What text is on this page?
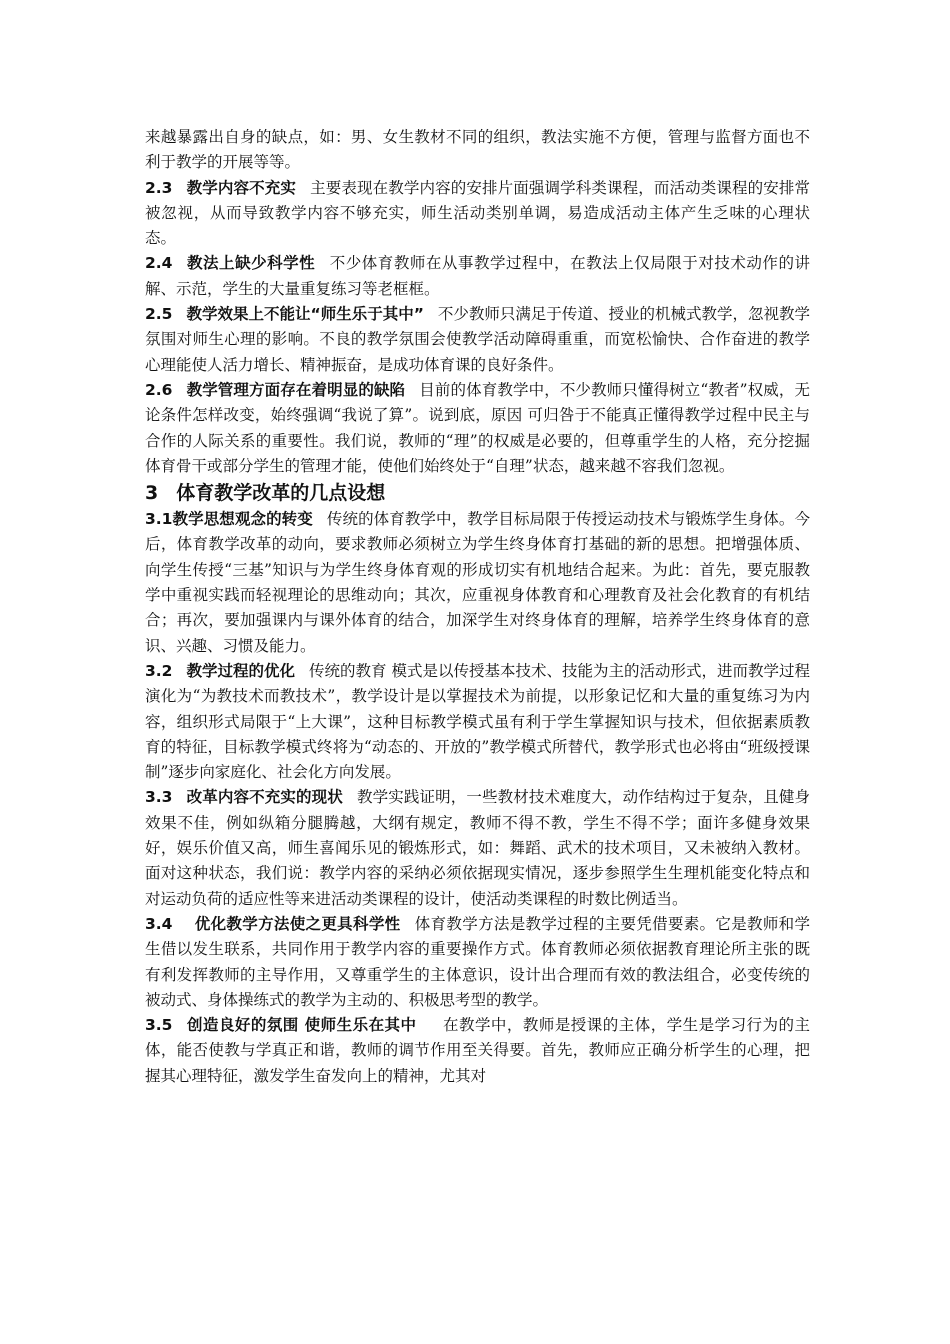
来越暴露出自身的缺点，如：男、女生教材不同的组织，教法实施不方便，管理与监督方面也不利于教学的开展等等。

2.3 教学内容不充实 主要表现在教学内容的安排片面强调学科类课程，而活动类课程的安排常被忽视，从而导致教学内容不够充实，师生活动类别单调，易造成活动主体产生乏味的心理状态。

2.4 教法上缺少科学性 不少体育教师在从事教学过程中，在教法上仅局限于对技术动作的讲解、示范，学生的大量重复练习等老框框。

2.5 教学效果上不能让“师生乐于其中” 不少教师只满足于传道、授业的机械式教学，忽视教学氛围对师生心理的影响。不良的教学氛围会使教学活动障碍重重，而宽松愉快、合作奋进的教学心理能使人活力增长、精神振奋，是成功体育课的良好条件。

2.6 教学管理方面存在着明显的缺陷 目前的体育教学中，不少教师只懂得树立“教者”权威，无论条件怎样改变，始终强调“我说了算”。说到底，原因 可归咎于不能真正懂得教学过程中民主与合作的人际关系的重要性。我们说，教师的“理”的权威是必要的，但尊重学生的人格，充分挖掘体育骨干或部分学生的管理才能，使他们始终处于“自理”状态，越来越不容我们忽视。

3 体育教学改革的几点设想

3.1教学思想观念的转变 传统的体育教学中，教学目标局限于传授运动技术与锻炼学生身体。今后，体育教学改革的动向，要求教师必须树立为学生终身体育打基础的新的思想。把增强体质、向学生传授“三基”知识与为学生终身体育观的形成切实有机地结合起来。为此：首先，要克服教学中重视实践而轻视理论的思维动向；其次，应重视身体教育和心理教育及社会化教育的有机结合；再次，要加强课内与课外体育的结合，加深学生对终身体育的理解，培养学生终身体育的意识、兴趣、习惯及能力。

3.2 教学过程的优化 传统的教育 模式是以传授基本技术、技能为主的活动形式，进而教学过程演化为“为教技术而教技术”，教学设计是以掌握技术为前提，以形象记忆和大量的重复练习为内容，组织形式局限于“上大课”，这种目标教学模式虽有利于学生掌握知识与技术，但依据素质教育的特征，目标教学模式终将为“动态的、开放的”教学模式所替代，教学形式也必将由“班级授课制”逐步向家庭化、社会化方向发展。

3.3 改革内容不充实的现状 教学实践证明，一些教材技术难度大，动作结构过于复杂，且健身效果不佳，例如纵箱分腿腾越，大纲有规定，教师不得不教，学生不得不学；面许多健身效果好，娱乐价值又高，师生喜闻乐见的锻炼形式，如：舞蹈、武术的技术项目，又未被纳入教材。面对这种状态，我们说：教学内容的采纳必须依据现实情况，逐步参照学生生理机能变化特点和对运动负荷的适应性等来进活动类课程的设计，使活动类课程的时数比例适当。

3.4 优化教学方法使之更具科学性 体育教学方法是教学过程的主要凭借要素。它是教师和学生借以发生联系，共同作用于教学内容的重要操作方式。体育教师必须依据教育理论所主张的既有利发挥教师的主导作用，又尊重学生的主体意识，设计出合理而有效的教法组合，必变传统的被动式、身体操练式的教学为主动的、积极思考型的教学。

3.5 创造良好的氛围 使师生乐在其中 在教学中，教师是授课的主体，学生是学习行为的主体，能否使教与学真正和谐，教师的调节作用至关得要。首先，教师应正确分析学生的心理，把握其心理特征，激发学生奋发向上的精神，尤其对
